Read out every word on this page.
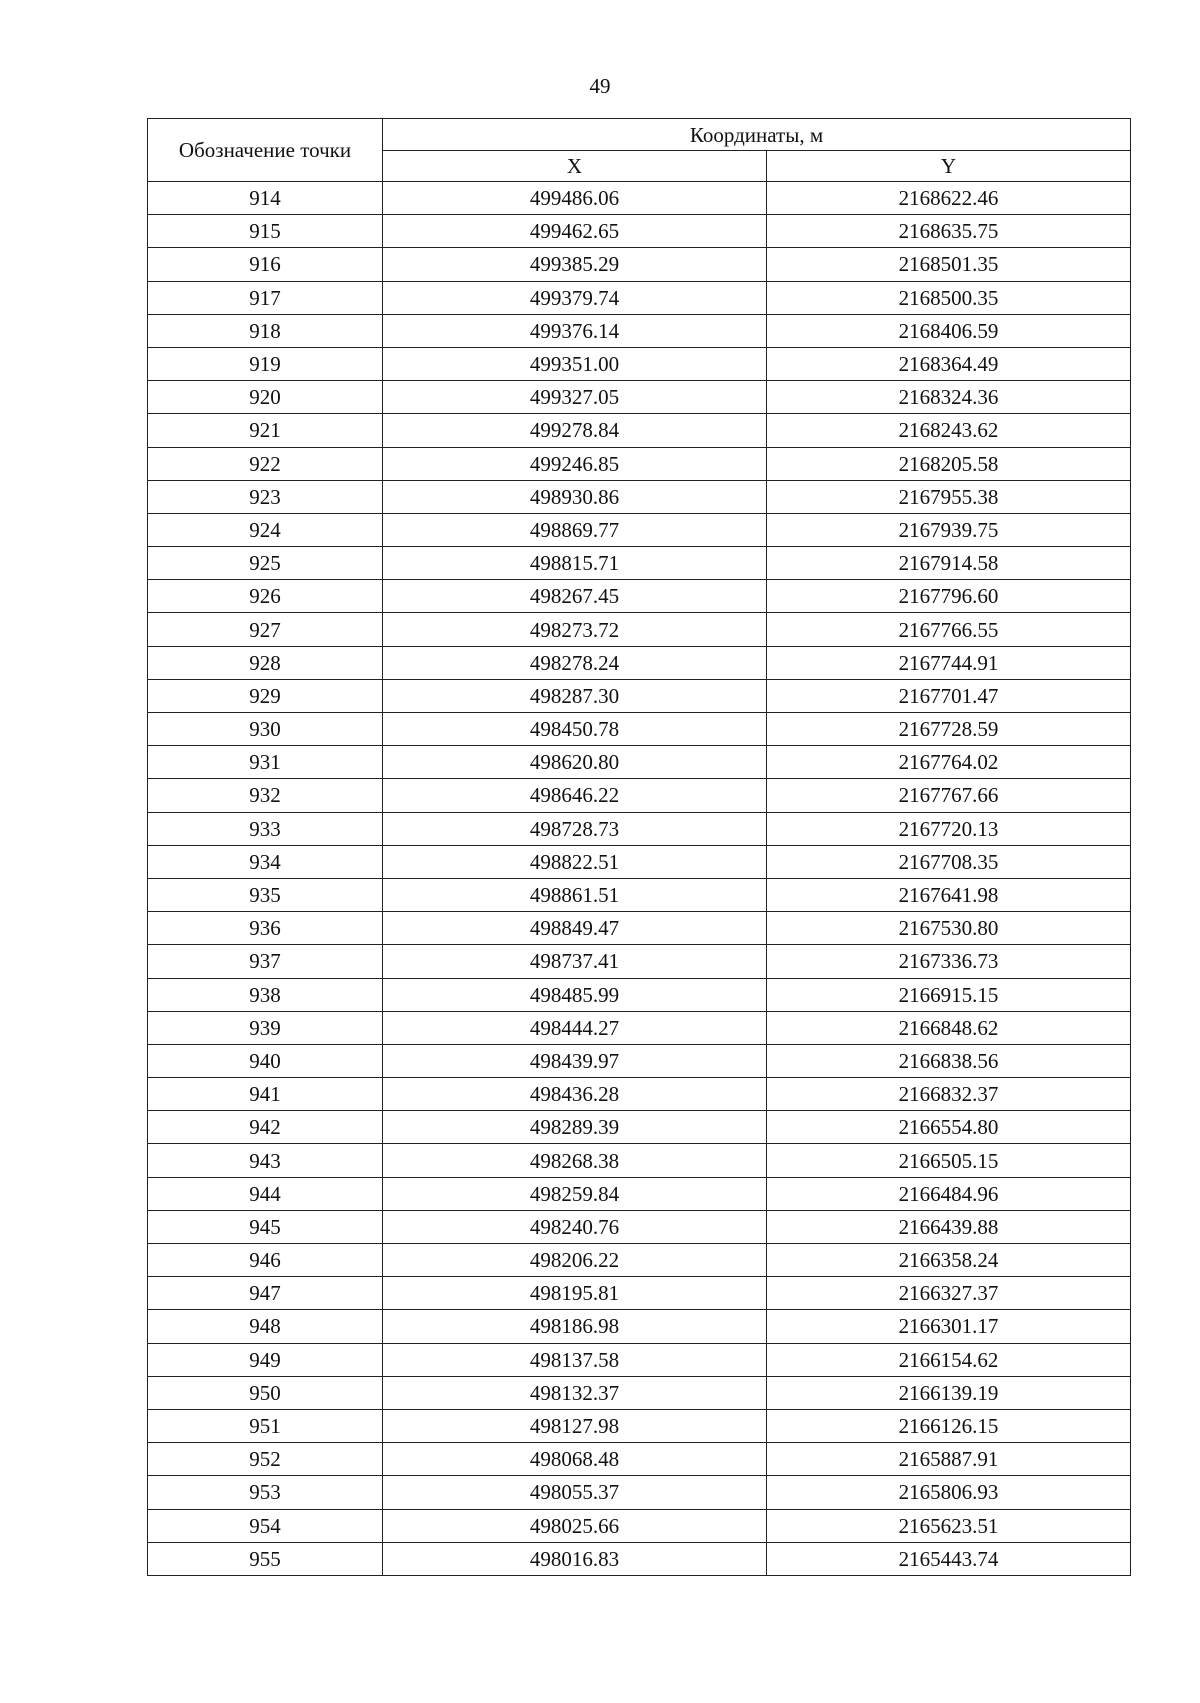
49
Обозначение точки	Координаты, м	
	X	Y
914	499486.06	2168622.46
915	499462.65	2168635.75
916	499385.29	2168501.35
917	499379.74	2168500.35
918	499376.14	2168406.59
919	499351.00	2168364.49
920	499327.05	2168324.36
921	499278.84	2168243.62
922	499246.85	2168205.58
923	498930.86	2167955.38
924	498869.77	2167939.75
925	498815.71	2167914.58
926	498267.45	2167796.60
927	498273.72	2167766.55
928	498278.24	2167744.91
929	498287.30	2167701.47
930	498450.78	2167728.59
931	498620.80	2167764.02
932	498646.22	2167767.66
933	498728.73	2167720.13
934	498822.51	2167708.35
935	498861.51	2167641.98
936	498849.47	2167530.80
937	498737.41	2167336.73
938	498485.99	2166915.15
939	498444.27	2166848.62
940	498439.97	2166838.56
941	498436.28	2166832.37
942	498289.39	2166554.80
943	498268.38	2166505.15
944	498259.84	2166484.96
945	498240.76	2166439.88
946	498206.22	2166358.24
947	498195.81	2166327.37
948	498186.98	2166301.17
949	498137.58	2166154.62
950	498132.37	2166139.19
951	498127.98	2166126.15
952	498068.48	2165887.91
953	498055.37	2165806.93
954	498025.66	2165623.51
955	498016.83	2165443.74
